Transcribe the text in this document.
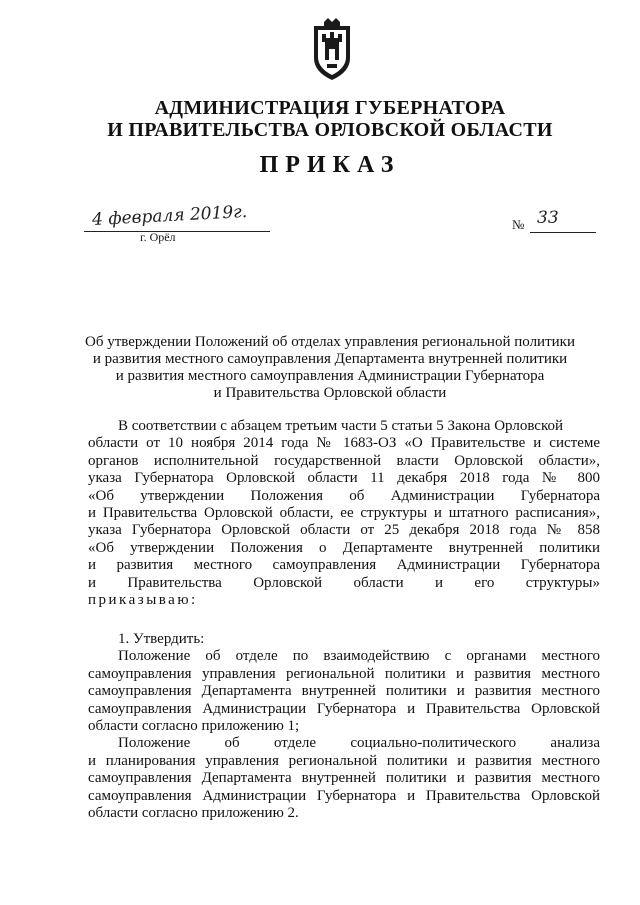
АДМИНИСТРАЦИЯ ГУБЕРНАТОРА
И ПРАВИТЕЛЬСТВА ОРЛОВСКОЙ ОБЛАСТИ
ПРИКАЗ
4 февраля 2019г.
г. Орёл
№ 33
Об утверждении Положений об отделах управления региональной политики
и развития местного самоуправления Департамента внутренней политики
и развития местного самоуправления Администрации Губернатора
и Правительства Орловской области
В соответствии с абзацем третьим части 5 статьи 5 Закона Орловской
области от 10 ноября 2014 года № 1683-ОЗ «О Правительстве и системе
органов исполнительной государственной власти Орловской области»,
указа Губернатора Орловской области 11 декабря 2018 года № 800
«Об утверждении Положения об Администрации Губернатора
и Правительства Орловской области, ее структуры и штатного расписания»,
указа Губернатора Орловской области от 25 декабря 2018 года № 858
«Об утверждении Положения о Департаменте внутренней политики
и развития местного самоуправления Администрации Губернатора
и Правительства Орловской области и его структуры»
приказываю:
1. Утвердить:
Положение об отделе по взаимодействию с органами местного
самоуправления управления региональной политики и развития местного
самоуправления Департамента внутренней политики и развития местного
самоуправления Администрации Губернатора и Правительства Орловской
области согласно приложению 1;
Положение об отделе социально-политического анализа
и планирования управления региональной политики и развития местного
самоуправления Департамента внутренней политики и развития местного
самоуправления Администрации Губернатора и Правительства Орловской
области согласно приложению 2.
